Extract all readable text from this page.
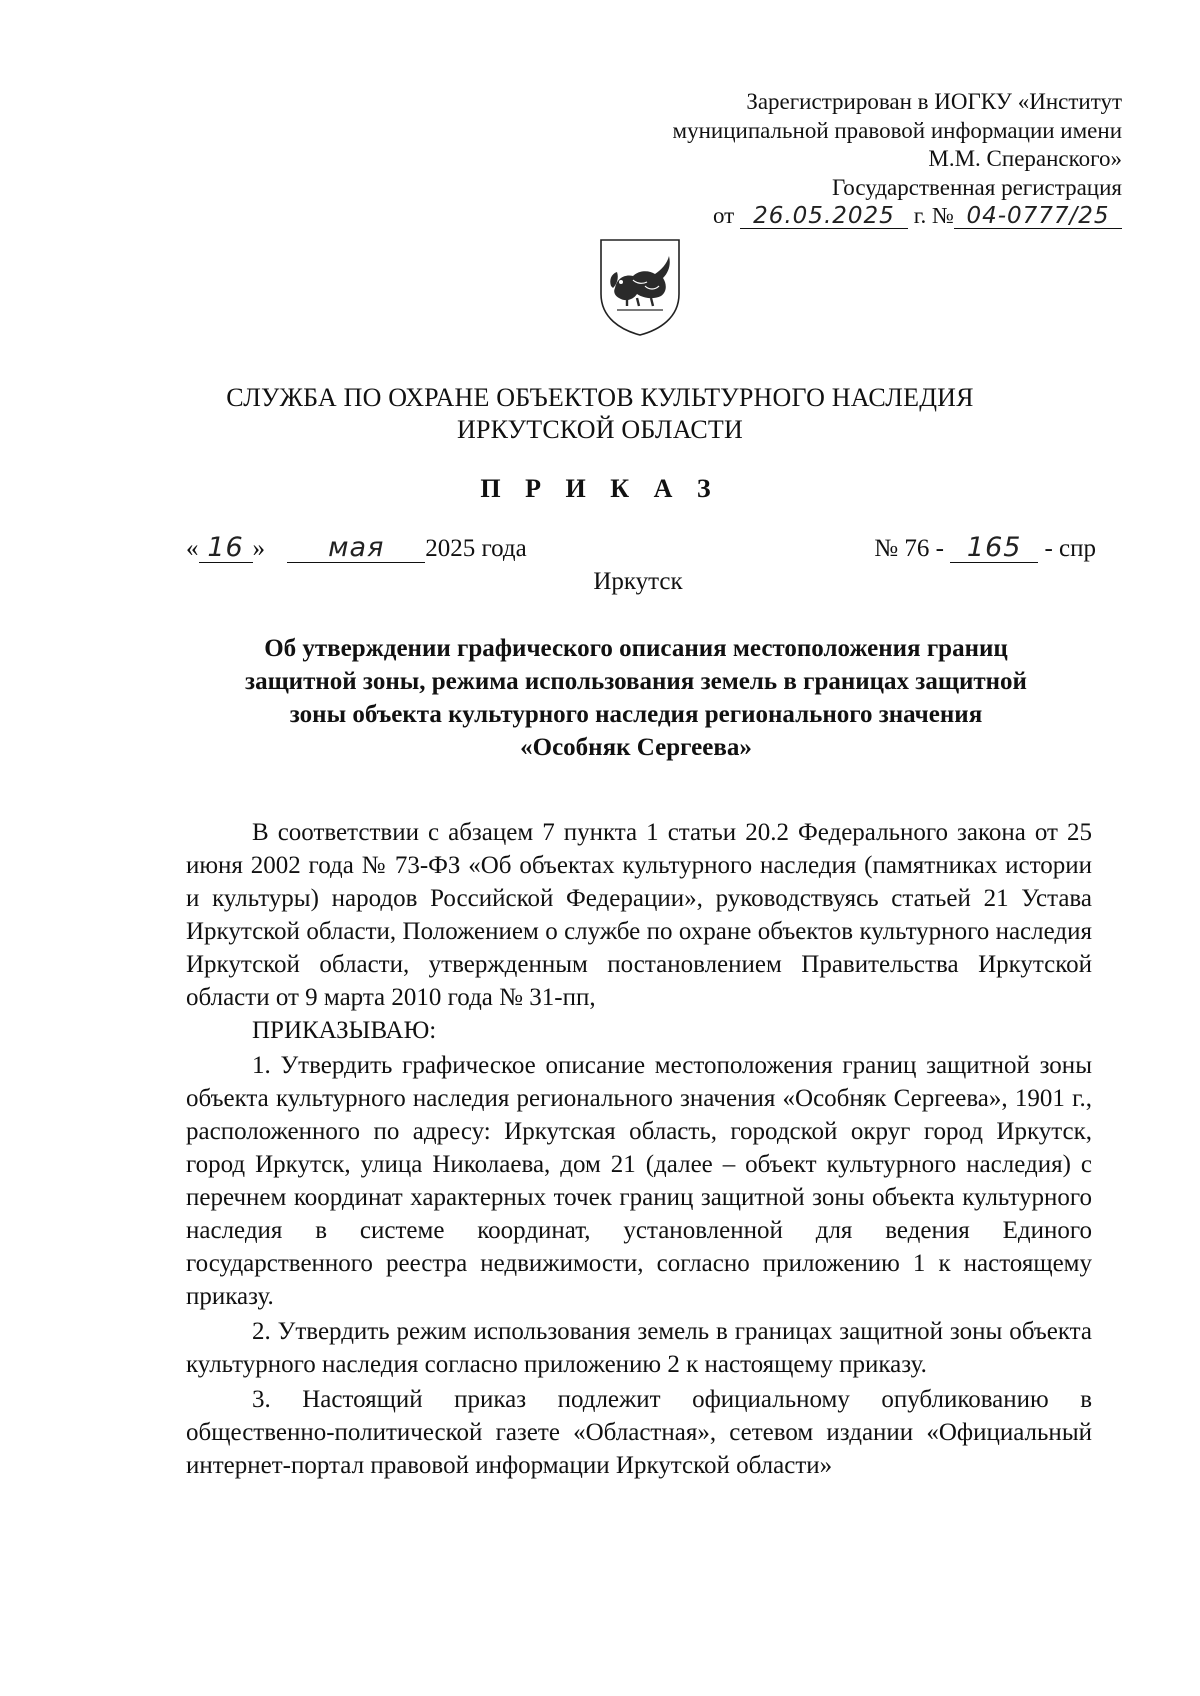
Зарегистрирован в ИОГКУ «Институт
муниципальной правовой информации имени
М.М. Сперанского»
Государственная регистрация
от 26.05.2025 г. № 04-0777/25
СЛУЖБА ПО ОХРАНЕ ОБЪЕКТОВ КУЛЬТУРНОГО НАСЛЕДИЯ
ИРКУТСКОЙ ОБЛАСТИ
П Р И К А З
« 16 » мая 2025 года	№ 76 - 165 - спр
Иркутск
Об утверждении графического описания местоположения границ
защитной зоны, режима использования земель в границах защитной
зоны объекта культурного наследия регионального значения
«Особняк Сергеева»

В соответствии с абзацем 7 пункта 1 статьи 20.2 Федерального закона от 25 июня 2002 года № 73-ФЗ «Об объектах культурного наследия (памятниках истории и культуры) народов Российской Федерации», руководствуясь статьей 21 Устава Иркутской области, Положением о службе по охране объектов культурного наследия Иркутской области, утвержденным постановлением Правительства Иркутской области от 9 марта 2010 года № 31-пп,

ПРИКАЗЫВАЮ:

1. Утвердить графическое описание местоположения границ защитной зоны объекта культурного наследия регионального значения «Особняк Сергеева», 1901 г., расположенного по адресу: Иркутская область, городской округ город Иркутск, город Иркутск, улица Николаева, дом 21 (далее – объект культурного наследия) с перечнем координат характерных точек границ защитной зоны объекта культурного наследия в системе координат, установленной для ведения Единого государственного реестра недвижимости, согласно приложению 1 к настоящему приказу.

2. Утвердить режим использования земель в границах защитной зоны объекта культурного наследия согласно приложению 2 к настоящему приказу.

3. Настоящий приказ подлежит официальному опубликованию в общественно-политической газете «Областная», сетевом издании «Официальный интернет-портал правовой информации Иркутской области»
